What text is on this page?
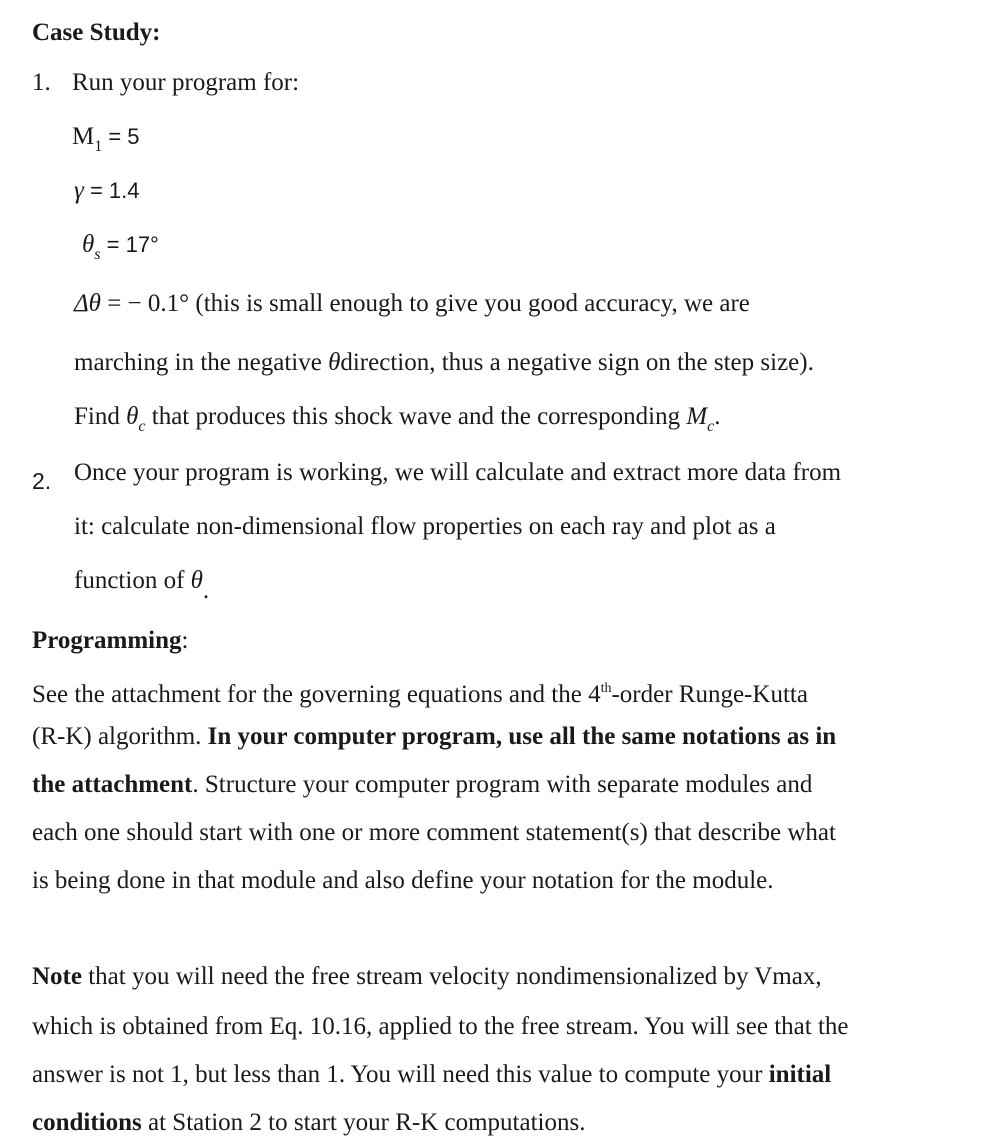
Case Study:
1. Run your program for:
$M_1 = 5$
γ = 1.4
$\theta_s = 17^\circ$
Δθ = − 0.1° (this is small enough to give you good accuracy, we are
marching in the negative θdirection, thus a negative sign on the step size).
Find $\theta_c$ that produces this shock wave and the corresponding $M_c$.
2. Once your program is working, we will calculate and extract more data from
it: calculate non-dimensional flow properties on each ray and plot as a
function of θ.
Programming:
See the attachment for the governing equations and the 4th-order Runge-Kutta
(R-K) algorithm. In your computer program, use all the same notations as in
the attachment. Structure your computer program with separate modules and
each one should start with one or more comment statement(s) that describe what
is being done in that module and also define your notation for the module.
Note that you will need the free stream velocity nondimensionalized by Vmax,
which is obtained from Eq. 10.16, applied to the free stream. You will see that the
answer is not 1, but less than 1. You will need this value to compute your initial
conditions at Station 2 to start your R-K computations.
